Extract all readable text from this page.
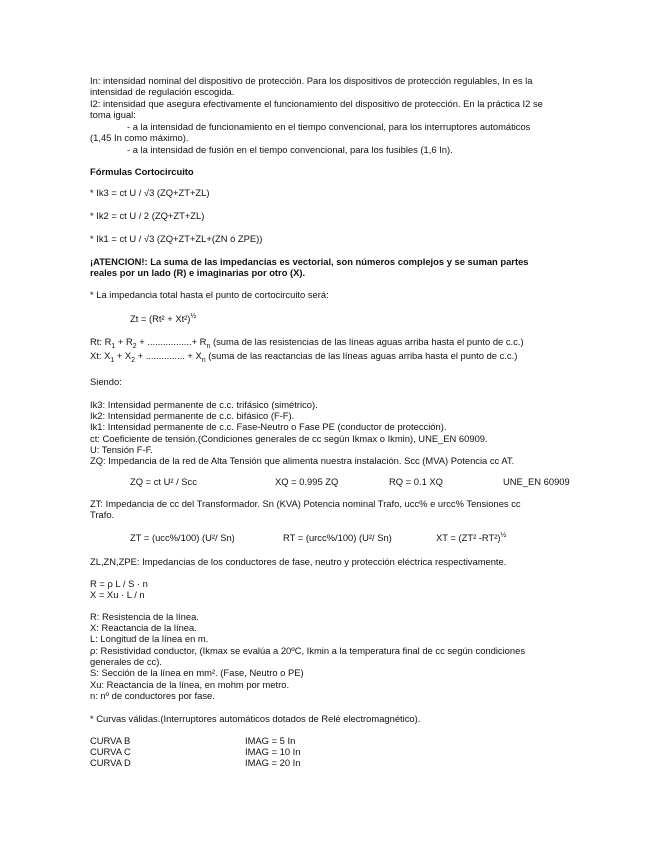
In: intensidad nominal del dispositivo de protección. Para los dispositivos de protección regulables, In es la
intensidad de regulación escogida.
I2: intensidad que asegura efectivamente el funcionamiento del dispositivo de protección. En la práctica I2 se
toma igual:
- a la intensidad de funcionamiento en el tiempo convencional, para los interruptores automáticos
(1,45 In como máximo).
- a la intensidad de fusión en el tiempo convencional, para los fusibles (1,6 In).
Fórmulas Cortocircuito
* Ik3 = ct U / √3 (ZQ+ZT+ZL)
* Ik2 = ct U / 2 (ZQ+ZT+ZL)
* Ik1 = ct U / √3 (ZQ+ZT+ZL+(ZN ó ZPE))
¡ATENCION!: La suma de las impedancias es vectorial, son números complejos y se suman partes
reales por un lado (R) e imaginarias por otro (X).
* La impedancia total hasta el punto de cortocircuito será:
$Zt = (Rt^2 + Xt^2)^{\frac{1}{2}}$
Rt: $R_1 + R_2$ + .................+ $R_n$ (suma de las resistencias de las líneas aguas arriba hasta el punto de c.c.)
Xt: $X_1 + X_2$ + ............... + $X_n$ (suma de las reactancias de las líneas aguas arriba hasta el punto de c.c.)
Siendo:
Ik3: Intensidad permanente de c.c. trifásico (simétrico).
Ik2: Intensidad permanente de c.c. bifásico (F-F).
Ik1: Intensidad permanente de c.c. Fase-Neutro o Fase PE (conductor de protección).
ct: Coeficiente de tensión.(Condiciones generales de cc según Ikmax o Ikmin), UNE_EN 60909.
U: Tensión F-F.
ZQ: Impedancia de la red de Alta Tensión que alimenta nuestra instalación. Scc (MVA) Potencia cc AT.
ZQ = ct U² / Scc	XQ = 0.995 ZQ	RQ = 0.1 XQ	UNE_EN 60909
ZT: Impedancia de cc del Transformador. Sn (KVA) Potencia nominal Trafo, ucc% e urcc% Tensiones cc
Trafo.
ZT = (ucc%/100) (U²/ Sn)	RT = (urcc%/100) (U²/ Sn)	XT = (ZT² -RT²)$^{\frac{1}{2}}$
ZL,ZN,ZPE: Impedancias de los conductores de fase, neutro y protección eléctrica respectivamente.
R = ρ L / S · n
X = Xu · L / n
R: Resistencia de la línea.
X: Reactancia de la línea.
L: Longitud de la línea en m.
ρ: Resistividad conductor, (Ikmax se evalúa a 20ºC, Ikmin a la temperatura final de cc según condiciones
generales de cc).
S: Sección de la línea en mm². (Fase, Neutro o PE)
Xu: Reactancia de la línea, en mohm por metro.
n: nº de conductores por fase.
* Curvas válidas.(Interruptores automáticos dotados de Relé electromagnético).
CURVA B	IMAG = 5 In
CURVA C	IMAG = 10 In
CURVA D	IMAG = 20 In
